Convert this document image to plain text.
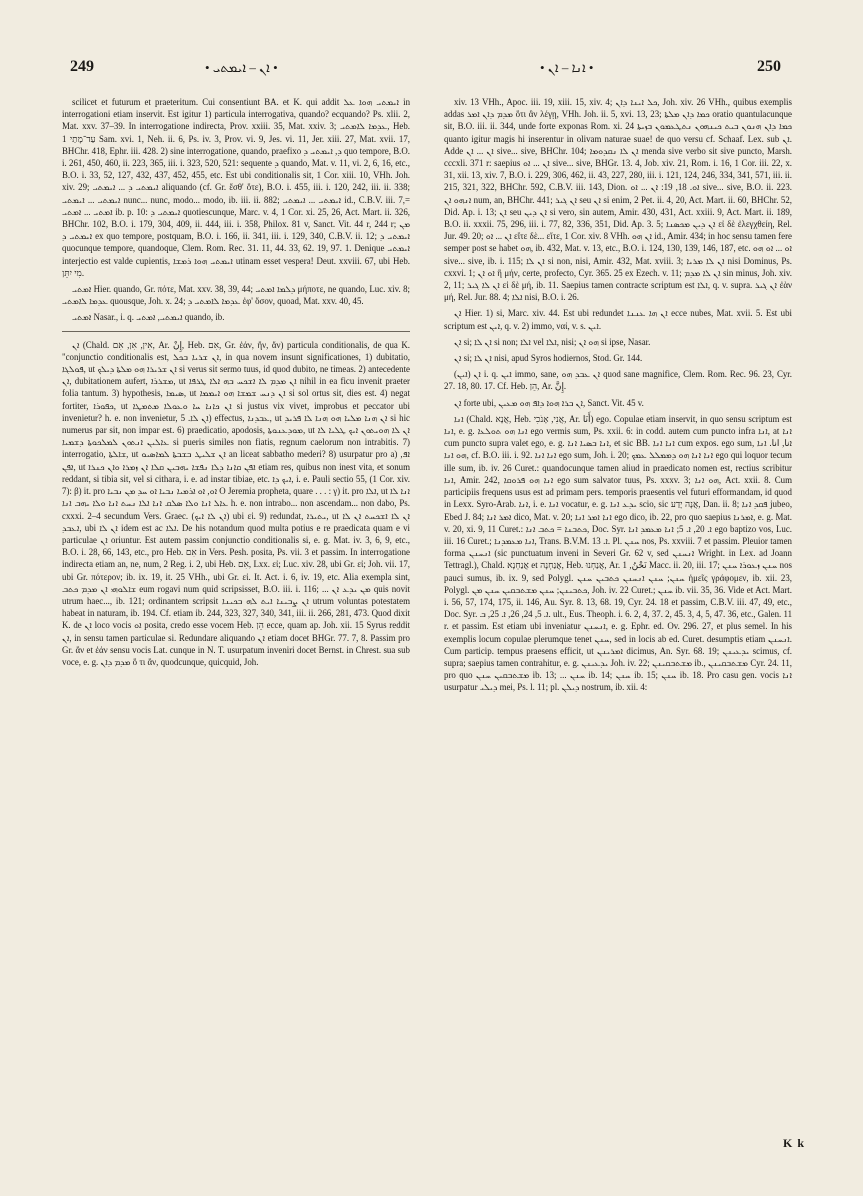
249	• ܐܢ – ܐܝܡܬܝ •	• ܐܢܐ – ܐܢ •	250

scilicet et futurum et praeteritum. Cui consentiunt BA. et K. qui addit ܐܝܡܬܝ ܗܘܐ ܥܠ in interrogationi etiam inservit. Est igitur 1) particula interrogativa, quando? ecquando? Ps. xlii. 2, Mat. xxv. 37–39. In interrogatione indirecta, Prov. xxiii. 35, Mat. xxiv. 3; ܥܕܡܐ ܠܐܡܬܝ, Heb. עַד־מָתַי 1 Sam. xvi. 1, Neh. ii. 6, Ps. iv. 3, Prov. vi. 9, Jes. vi. 11, Jer. xiii. 27, Mat. xvii. 17, BHChr. 418, Ephr. iii. 428. 2) sine interrogatione, quando, praefixo ܕ, ܐܝܡܬܝ ܕ quo tempore, B.O. i. 261, 450, 460, ii. 223, 365, iii. i. 323, 520, 521: sequente ܕ quando, Mat. v. 11, vi. 2, 6, 16, etc., B.O. i. 33, 52, 127, 432, 437, 452, 455, etc. Est ubi conditionalis sit, 1 Cor. xiii. 10, VHh. Joh. xiv. 29; ܐܝܡܬܝ ܕ ... ܐܝܡܬܝ aliquando (cf. Gr. ἔσθ' ὅτε), B.O. i. 455, iii. i. 120, 242, iii. ii. 338; ܐܝܡܬܝ ... ܐܝܡܬܝ nunc... nunc, modo... modo, ib. iii. ii. 882; ܐܝܡܬܝ ... ܐܝܡܬܝ id., C.B.V. iii. 7,= ܐܡܬܝ ... ܐܡܬܝ ib. p. 10: ܐܝܡܬܝ ܕ quotiescunque, Marc. v. 4, 1 Cor. xi. 25, 26, Act. Mart. ii. 326, BHChr. 102, B.O. i. 179, 304, 409, ii. 444, iii. i. 358, Philox. 81 v, Sanct. Vit. 44 r, 244 r; ܡܢ ܐܝܡܬܝ ܕ ex quo tempore, postquam, B.O. i. 166, ii. 341, iii. i. 129, 340, C.B.V. ii. 12; ܐܝܡܬܝ ܕ quocunque tempore, quandoque, Clem. Rom. Rec. 31. 11, 44. 33, 62. 19, 97. 1. Denique ܐܝܡܬܝ interjectio est valde cupientis, ܐܝܡܬܝ ܗܘܐ ܪܡܫܐ utinam esset vespera! Deut. xxviii. 67, ubi Heb. מִי יִתֵּן.

ܐܡܬܝ Hier. quando, Gr. πότε, Mat. xxv. 38, 39, 44; ܕܠܡܐ ܐܡܬܝ μήποτε, ne quando, Luc. xiv. 8; ܥܕܡܐ ܠܐܡܬܝ quousque, Joh. x. 24; ܥܕܡܐ ܠܐܡܬܝ ܕ ἐφ' ὅσον, quoad, Mat. xxv. 40, 45.

ܐܡܬܝ Nasar., i. q. ܐܝܡܬܝ, ܐܡܬܝ quando, ib.

ܐܢ (Chald. אִין, אִן, אִם, Ar. إِنْ, Heb. אִם, Gr. ἐάν, ἤν, ἄν) particula conditionalis, de qua K. "conjunctio conditionalis est, ܐܢ ܫܪܝܐ ܒܟܠ, in qua novem insunt significationes, 1) dubitatio, ܦܘܠܓܐ, ut ܐܢ ܫܪܝܪܐ ܗܘ ܡܠܬܐ ܕܝܠܟ si verus sit sermo tuus, id quod dubito, ne timeas. 2) antecedente ܐܢ, dubitationem aufert, ܡܫܪܪܐ, ut ܐܢ ܡܕܡ ܠܐ ܐܫܟܚ ܒܗ ܐܠܐ ܛܪܦܐ nihil in ea ficu invenit praeter folia tantum. 3) hypothesis, ܣܝܡܐ, ut ܐܢ ܕܢܚ ܫܡܫܐ ܗܘ ܐܝܡܡܐ si sol ortus sit, dies est. 4) negat fortiter, ܟܦܘܪܐ, ut ܐܢ ܟܐܢܐ ܚܐ ܘܥܘܠܐ ܡܬܡܛܐ si justus vix vivet, improbus et peccator ubi invenietur? h. e. non invenietur, ܐܢ ܠܐ. 5) effectus, ܥܒܕܢܐ, ut ܐܢ ܗܢܐ ܡܠܝܐ ܗܘ ܗܢܐ ܠܐ ܦܪܝܕ si hic numerus par sit, non impar est. 6) praedicatio, apodosis, ܡܘܕܥܢܘܬܐ, ut ܐܢ ܠܐ ܗܘܝܬܘܢ ܐܝܟ ܛܠܝܐ ܠܐ ܥܐܠܝܢ ܐܢܬܘܢ ܠܡܠܟܘܬܐ ܕܫܡܝܐ si pueris similes non fiatis, regnum caelorum non intrabitis. 7) interrogatio, ܫܐܠܬܐ, ut ܐܢ ܫܠܝܛ ܒܫܒܬܐ ܠܡܐܣܝܘ an liceat sabbatho mederi? 8) usurpatur pro a) ܐܦ, ܐܦܢ, ut ܐܦܢ ܩܐܢܐ ܕܠܐ ܢܦܫܐ ܝܗܒܝܢ ܩܠܐ ܐܢ ܙܡܪܐ ܘܐܢ ܟܢܪܐ etiam res, quibus non inest vita, et sonum reddant, si tibia sit, vel si cithara, i. e. ad instar tibiae, etc. ܐܝܟ ܕܐ, i. e. Pauli sectio 55, (1 Cor. xiv. 7): β) it. pro ܐܘ, ܐܘ ܐܪܡܝܐ ܢܒܝܐ ܐܘ ܚܕ ܡܢ ܢܒܝܐ O Jeremia propheta, quare . . . : γ) it. pro ܐܠܐ, ut ܐܢܐ ܠܐ ܥܐܠ ܐܢܐ ܘܠܐ ܣܠܩ ܐܢܐ ܐܠܐ ܢܚܬ ܐܢܐ ܘܠܐ ܝܗܒ ܐܢܐ h. e. non intrabo... non ascendam... non dabo, Ps. cxxxi. 2–4 secundum Vers. Graec. (ܐܢ ܠܐ ܐܝܟ) ubi εἰ. 9) redundat, ܝܬܝܪܐ, ut ܐܢ ܠܐ ܐܫܟܚܬ ܐܢ ܠܐ ܐܥܒܕ, ubi ܐܢ ܠܐ idem est ac ܐܠܐ. De his notandum quod multa potius e re praedicata quam e vi particulae ܐܢ oriuntur. Est autem passim conjunctio conditionalis si, e. g. Mat. iv. 3, 6, 9, etc., B.O. i. 28, 66, 143, etc., pro Heb. אִם in Vers. Pesh. posita, Ps. vii. 3 et passim. In interrogatione indirecta etiam an, ne, num, 2 Reg. i. 2, ubi Heb. אִם, Lxx. εἰ; Luc. xiv. 28, ubi Gr. εἰ; Joh. vii. 17, ubi Gr. πότερον; ib. ix. 19, it. 25 VHh., ubi Gr. εἰ. It. Act. i. 6, iv. 19, etc. Alia exempla sint, ܫܐܠܘܗܝ ܐܢ ܡܕܡ ܟܬܒ eum rogavi num quid scripsisset, B.O. iii. i. 116; ... ܡܢ ܝܕܥ ܐܢ quis novit utrum haec..., ib. 121; ordinantem scripsit ܐܢ ܨܒܝܢܐ ܐܝܬ ܠܗ ܒܟܝܢܐ utrum voluntas potestatem habeat in naturam, ib. 194. Cf. etiam ib. 244, 323, 327, 340, 341, iii. ii. 266, 281, 473. Quod dixit K. de ܐܢ loco vocis ܐܘ posita, credo esse vocem Heb. הֵן ecce, quam ap. Joh. xii. 15 Syrus reddit ܐܢ, in sensu tamen particulae si. Redundare aliquando ܐܢ etiam docet BHGr. 77. 7, 8. Passim pro Gr. ἄν et ἐάν sensu vocis Lat. cunque in N. T. usurpatum inveniri docet Bernst. in Chrest. sua sub voce, e. g. ܡܕܡ ܕܐܢ ὅ τι ἄν, quodcunque, quicquid, Joh.

xiv. 13 VHh., Apoc. iii. 19, xiii. 15, xiv. 4; ܟܠ ܐܝܢܐ ܕܐܢ, Joh. xiv. 26 VHh., quibus exemplis addas ܡܕܡ ܕܐܢ ܐܡܪ ὅτι ἂν λέγῃ, VHh. Joh. ii. 5, xvi. 13, 23; ܟܡܐ ܕܐܢ ܡܠܬܐ oratio quantulacunque sit, B.O. iii. ii. 344, unde forte exponas Rom. xi. 24 ܟܡܐ ܕܐܢ ܗܢܘܢ ܒܝܬ ܟܝܢܗܘܢ ܢܬܛܥܡܘܢ ܒܙܝܬܐ quanto igitur magis hi inserentur in olivam naturae suae! de quo versu cf. Schaaf. Lex. sub ܐܢ. Adde ܐܢ ... ܐܢ sive... sive, BHChr. 104; ܐܢ ܠܐ ܢܩܕܘܡܐ menda sive verbo sit sive puncto, Marsh. cccxli. 371 r: saepius ܐܢ ... ܐܘ sive... sive, BHGr. 13. 4, Job. xiv. 21, Rom. i. 16, 1 Cor. iii. 22, x. 31, xii. 13, xiv. 7, B.O. i. 229, 306, 462, ii. 43, 227, 280, iii. i. 121, 124, 246, 334, 341, 571, iii. ii. 215, 321, 322, BHChr. 592, C.B.V. iii. 143, Dion. ܐܘ. 18, 19: ܐܢ ... ܐܘ sive... sive, B.O. ii. 223. ܐܢܗܘ ܐܢ num, an, BHChr. 441; ܐܢ ܓܝܪ seu ܐܢ si enim, 2 Pet. ii. 4, 20, Act. Mart. ii. 60, BHChr. 52, Did. Ap. i. 13; ܐܢ seu ܐܢ ܕܝܢ si vero, sin autem, Amir. 430, 431, Act. xxiii. 9, Act. Mart. ii. 189, B.O. ii. xxxii. 75, 296, iii. i. 77, 82, 336, 351, Did. Ap. 3. 5; ܐܢ ܕܝܢ ܡܟܣܢܐ εἰ δὲ ἐλεγχθείη, Rel. Jur. 49. 20; ܐܢ ... ܐܘ εἴτε δὲ... εἴτε, 1 Cor. xiv. 8 VHh. ܐܢ ܗܘ id., Amir. 434; in hoc sensu tamen fere semper post se habet ܗܘ, ib. 432, Mat. v. 13, etc., B.O. i. 124, 130, 139, 146, 187, etc. ܐܘ ... ܐܘ ܗܘ sive... sive, ib. i. 115; ܐܢ ܠܐ si non, nisi, Amir. 432, Mat. xviii. 3; ܐܢ ܠܐ ܡܪܝܐ nisi Dominus, Ps. cxxvi. 1; ܐܘ ܐܢ ἢ μήν, certe, profecto, Cyr. 365. 25 ex Ezech. v. 11; ܐܢ ܠܐ ܡܕܡ sin minus, Joh. xiv. 2, 11; ܐܢ ܠܐ ܓܝܪ εἰ δὲ μή, ib. 11. Saepius tamen contracte scriptum est ܐܠܐ, q. v. supra. ܐܢ ܓܝܪ ἐὰν μή, Rel. Jur. 88. 4; ܐܠܐ nisi, B.O. i. 26.

ܐܢ Hier. 1) si, Marc. xiv. 44. Est ubi redundet ܐܢ ܗܐ ܥܢܢܐ ecce nubes, Mat. xvii. 5. Est ubi scriptum est ܐܝܢ, q. v. 2) immo, ναί, v. s. ܐܝܢ.

ܐܢ si; ܐܢ ܠܐ si non; ܐܠܐ vel ܐܠܐ, nisi; ܗܘ ܐܢ si ipse, Nasar.

ܐܢ si; ܐܢ ܠܐ nisi, apud Syros hodiernos, Stod. Gr. 144.

ܐܢ (ܐܝܢ) i. q. ܐܝܢ immo, sane, ܐܢ ܥܒܕ ܗܘ quod sane magnifice, Clem. Rom. Rec. 96. 23, Cyr. 27. 18, 80. 17. Cf. Heb. הֵן, Ar. إِنَّ.

ܐܢ forte ubi, ܐܢ ܒܪܐ ܗܘܐ ܕܐܦ ܗܘ ܡܥܝܢ, Sanct. Vit. 45 v.

ܐܢܐ (Chald. אֲנָא, Heb. אֲנִי, אָנֹכִי, Ar. أَنَا) ego. Copulae etiam inservit, in quo sensu scriptum est ܐܢܐ, e. g. ܐܢܐ ܗܘ ܬܘܠܥܐ ego vermis sum, Ps. xxii. 6: in codd. autem cum puncto infra ܐܢܐ, at ܐܢܐ cum puncto supra valet ego, e. g. ܐܢܐ ܒܣܝܐ ܐܢܐ, et sic BB. ܐܢܐ ܐܢܐ cum expos. ego sum, ܐنا, انا. ܐܢܐ ܗܘ ܐܢܐ, cf. B.O. iii. i. 92. ܐܢܐ ܐܢܐ ego sum, Joh. i. 20; ܐܢܐ ܐܢܐ ܗܘ ܕܡܡܠܠ ܥܡܟ ego qui loquor tecum ille sum, ib. iv. 26 Curet.: quandocunque tamen aliud in praedicato nomen est, rectius scribitur ܐܢܐ, Amir. 242, ܐܢܐ ܗܘ ܦܪܘܩܐ ego sum salvator tuus, Ps. xxxv. 3; ܗܘ ܐܢܐ, Act. xxii. 8. Cum participiis frequens usus est ad primam pers. temporis praesentis vel futuri efformandam, id quod in Lexx. Syro-Arab. ܐܢܐ, i. e. ܐܢܐ vocatur, e. g. ܝܕܥ ܐܢܐ scio, sic אֲנָה יָדַע, Dan. ii. 8; ܦܩܕ ܐܢܐ jubeo, Ebed J. 84; ܐܡܪ ܐܢܐ dico, Mat. v. 20; ܐܢܐ ܐܡܪ ܐܢܐ ego dico, ib. 22, pro quo saepius ܐܡܪܢܐ, e. g. Mat. v. 20, xi. 9, 11 Curet.: ܟܬܒܢܐ = ܟܬܒ ܐܢܐ, Doc. Syr. ܐ. 20, ܐ. 5; ܐܢܐ ܡܥܡܕ ܐܢܐ ego baptizo vos, Luc. iii. 16 Curet.; ܐܢܐ ܡܥܡܕܢܐ, Trans. B.V.M. ܐ. 13. Pl. ܚܢܢ nos, Ps. xxviii. 7 et passim. Pleuior tamen forma ܐܢܚܢܢ (sic punctuatum inveni in Severi Gr. 62 v, sed ܐܢܚܢܢ Wright. in Lex. ad Joann Tettragl.), Chald. אֲנַחְנָא et אֲנַחְנָה, Heb. אֲנַחְנוּ, Ar. نَحْنُ, 1 Macc. ii. 20, iii. 17; ܚܢܢ ܙܥܘܪܐ ܚܢܢ nos pauci sumus, ib. ix. 9, sed Polygl. ܚܢܢ; ܚܢܢ ܐܢܚܢܢ ܟܬܒܝܢ ܚܢܢ ἡμεῖς γράφομεν, ib. xii. 23, Polygl. ܟܬܒܝܢܢ; ܚܢܢ ܡܫܬܒܩܝܢ ܚܢܢ ܡܢ, Joh. iv. 22 Curet.; ܚܢܢ ib. vii. 35, 36. Vide et Act. Mart. i. 56, 57, 174, 175, ii. 146, Au. Syr. 8. 13, 68. 19, Cyr. 24. 18 et passim, C.B.V. iii. 47, 49, etc., Doc. Syr. ܐ. 5, 24, 26, ܐ. 25, ܒ. ult., Eus. Theoph. i. 6. 2, 4, 37. 2, 45. 3, 4, 5, 47. 36, etc., Galen. 11 r. et passim. Est etiam ubi inveniatur ܐܢܚܢܢ, e. g. Ephr. ed. Ov. 296. 27, et plus semel. In his exemplis locum copulae plerumque tenet ܚܢܢ, sed in locis ab ed. Curet. desumptis etiam ܐܢܚܢܢ. Cum particip. tempus praesens efficit, ut ܐܡܪܝܢܢ dicimus, An. Syr. 68. 19; ܝܕܥܝܢܢ scimus, cf. supra; saepius tamen contrahitur, e. g. ܝܕܥܝܢܢ Joh. iv. 22; ܡܫܬܒܩܝܢܢ ib., ܡܫܬܒܩܝܢܢ Cyr. 24. 11, pro quo ܡܫܬܒܩܝܢ ܚܢܢ ib. 13; ... ܚܢܢ ib. 14; ܚܢܢ ib. 15; ܚܢܢ ib. 18. Pro casu gen. vocis ܐܢܐ usurpatur ܕܝܠܝ mei, Ps. l. 11; pl. ܕܝܠܢ nostrum, ib. xii. 4:

K k
